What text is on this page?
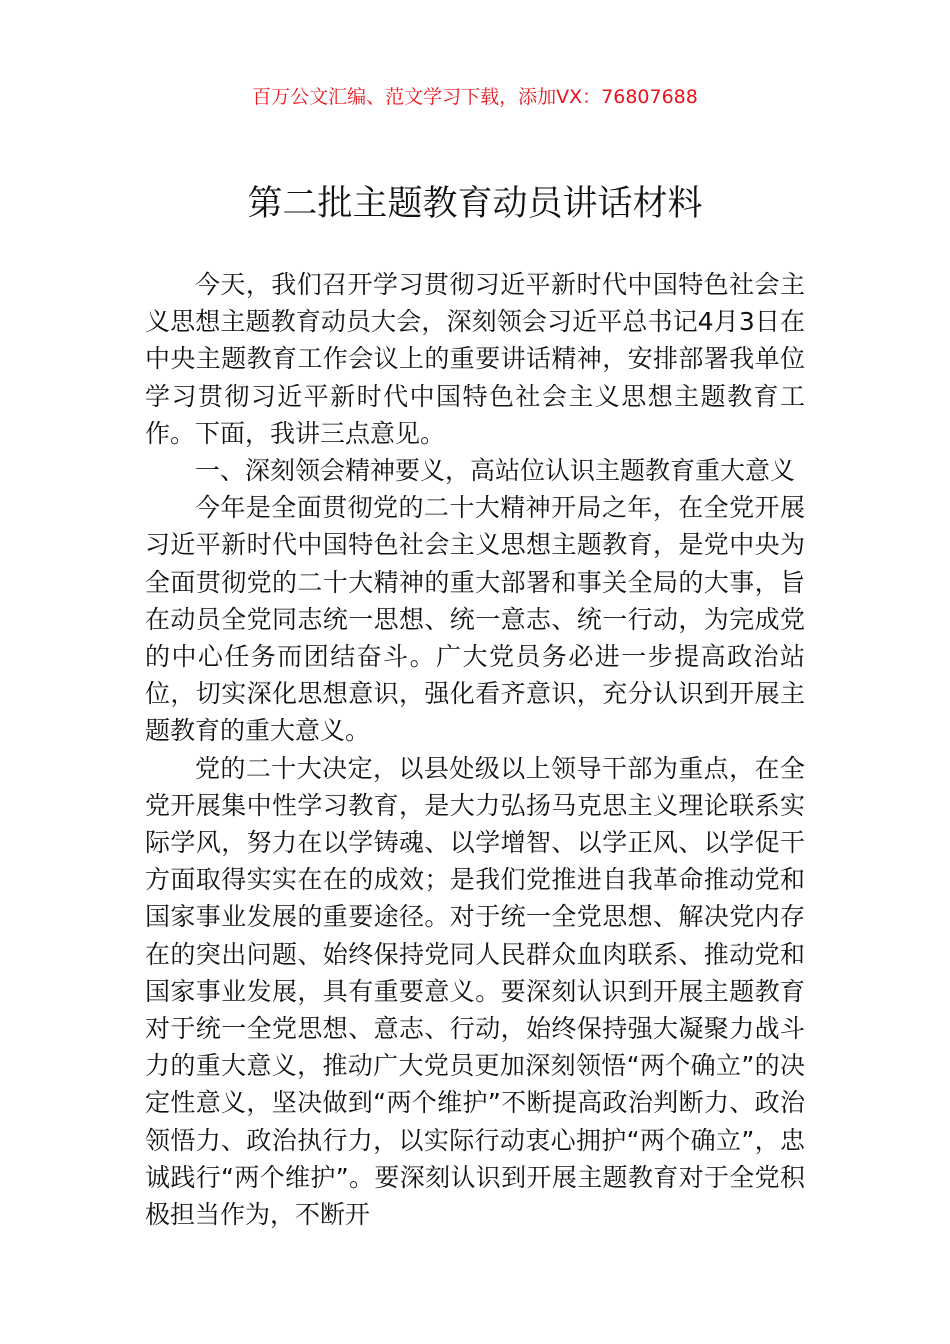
百万公文汇编、范文学习下载，添加VX：76807688
第二批主题教育动员讲话材料

今天，我们召开学习贯彻习近平新时代中国特色社会主义思想主题教育动员大会，深刻领会习近平总书记4月3日在中央主题教育工作会议上的重要讲话精神，安排部署我单位学习贯彻习近平新时代中国特色社会主义思想主题教育工作。下面，我讲三点意见。

一、深刻领会精神要义，高站位认识主题教育重大意义

今年是全面贯彻党的二十大精神开局之年，在全党开展习近平新时代中国特色社会主义思想主题教育，是党中央为全面贯彻党的二十大精神的重大部署和事关全局的大事，旨在动员全党同志统一思想、统一意志、统一行动，为完成党的中心任务而团结奋斗。广大党员务必进一步提高政治站位，切实深化思想意识，强化看齐意识，充分认识到开展主题教育的重大意义。

党的二十大决定，以县处级以上领导干部为重点，在全党开展集中性学习教育，是大力弘扬马克思主义理论联系实际学风，努力在以学铸魂、以学增智、以学正风、以学促干方面取得实实在在的成效；是我们党推进自我革命推动党和国家事业发展的重要途径。对于统一全党思想、解决党内存在的突出问题、始终保持党同人民群众血肉联系、推动党和国家事业发展，具有重要意义。要深刻认识到开展主题教育对于统一全党思想、意志、行动，始终保持强大凝聚力战斗力的重大意义，推动广大党员更加深刻领悟“两个确立”的决定性意义，坚决做到“两个维护”不断提高政治判断力、政治领悟力、政治执行力，以实际行动衷心拥护“两个确立”，忠诚践行“两个维护”。要深刻认识到开展主题教育对于全党积极担当作为，不断开
